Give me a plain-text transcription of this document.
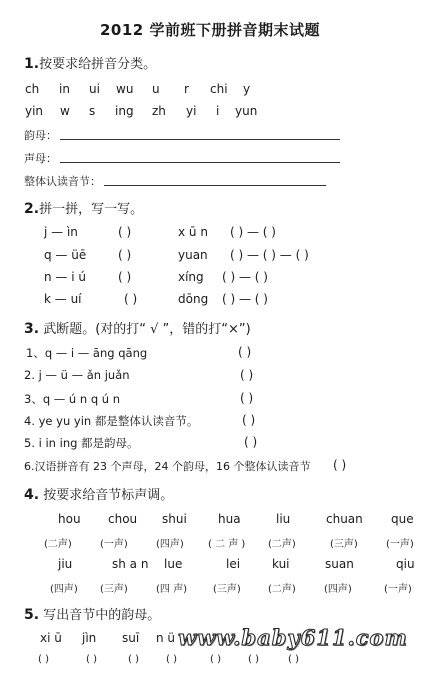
2012 学前班下册拼音期末试题
1.按要求给拼音分类。
ch in ui wu u r chi y
yin w s ing zh yi i yun
韵母：
声母：
整体认读音节：
2.拼一拼，写一写。
j — ìn	( )	x ū n ( ) — ( )
q — üē	( )	yuan ( ) — ( ) — ( )
n — i ú	( )	xíng ( ) — ( )
k — uí	( )	dōng ( ) — ( )
3. 武断题。(对的打“ √ ”，错的打“×”)
1、q — i — āng qāng	( )
2. j — ü — ǎn juǎn	( )
3、q — ú n q ú n	( )
4. ye yu yin 都是整体认读音节。	( )
5. i in ing 都是韵母。	( )
6.汉语拼音有 23 个声母，24 个韵母，16 个整体认读音节 ( )
4. 按要求给音节标声调。
hou chou shui	hua	liu	chuan que
(二声)	(一声)	(四声) ( 二 声 ) (二声)	(三声)	(一声)
jiu	sh a n lue	lei	kui	suan	qiu
(四声) (三声)	(四 声)	(三声)	(二声)	(四声)	(一声)
5. 写出音节中的韵母。
xi ū jìn suī n ü
( )	( )	( )	( )	( )	( )	( )
www.baby611.com
